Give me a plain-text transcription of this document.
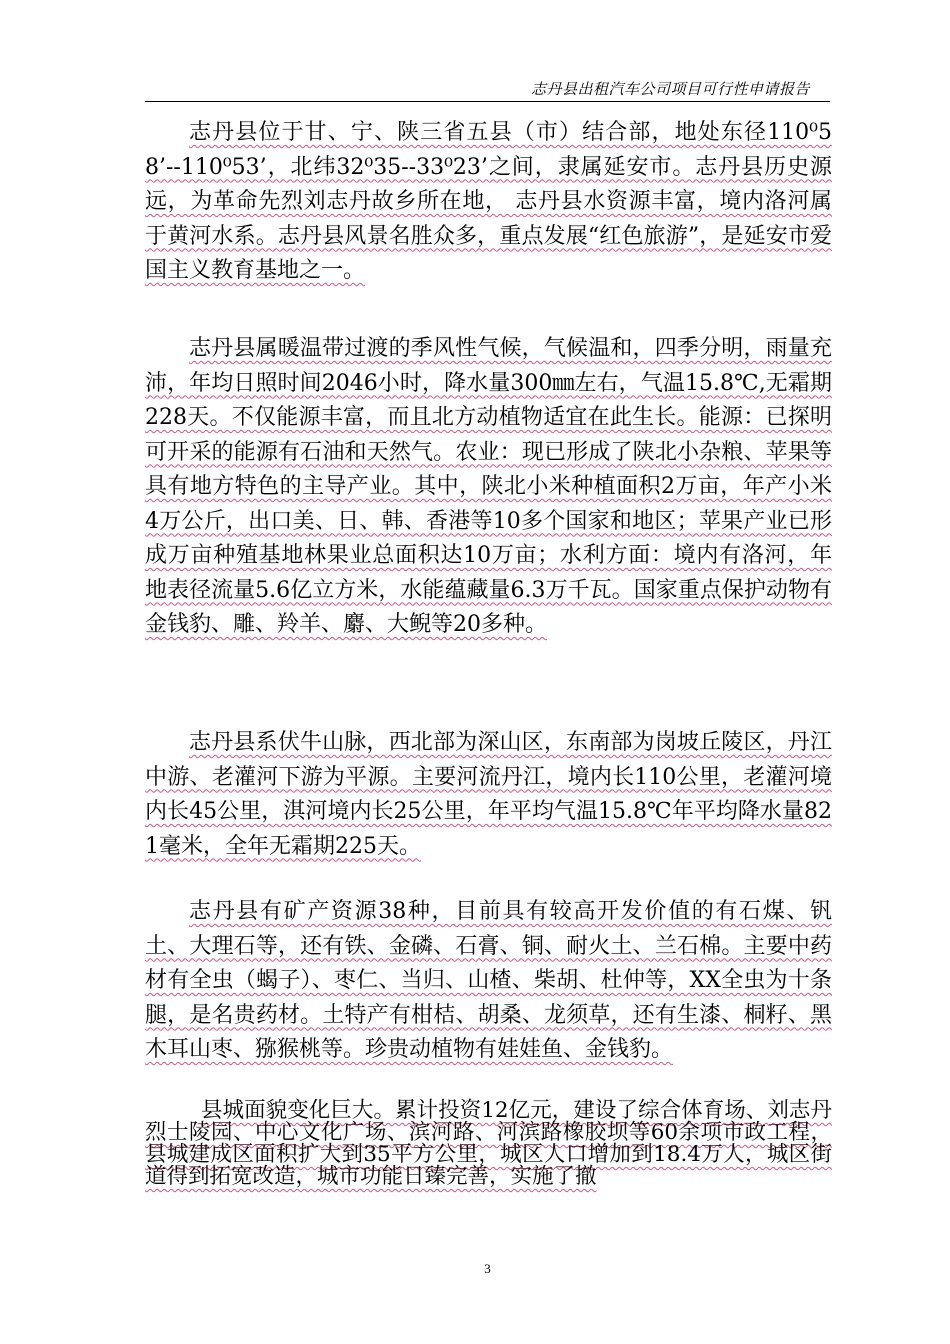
志丹县出租汽车公司项目可行性申请报告

志丹县位于甘、宁、陕三省五县（市）结合部，地处东径110⁰58’--110⁰53’，北纬32⁰35--33⁰23’之间，隶属延安市。志丹县历史源远，为革命先烈刘志丹故乡所在地， 志丹县水资源丰富，境内洛河属于黄河水系。志丹县风景名胜众多，重点发展“红色旅游”，是延安市爱国主义教育基地之一。

志丹县属暖温带过渡的季风性气候，气候温和，四季分明，雨量充沛，年均日照时间2046小时，降水量300㎜左右，气温15.8℃,无霜期228天。不仅能源丰富，而且北方动植物适宜在此生长。能源：已探明可开采的能源有石油和天然气。农业：现已形成了陕北小杂粮、苹果等具有地方特色的主导产业。其中，陕北小米种植面积2万亩，年产小米4万公斤，出口美、日、韩、香港等10多个国家和地区；苹果产业已形成万亩种殖基地林果业总面积达10万亩；水利方面：境内有洛河，年地表径流量5.6亿立方米，水能蕴藏量6.3万千瓦。国家重点保护动物有金钱豹、雕、羚羊、麝、大鲵等20多种。

志丹县系伏牛山脉，西北部为深山区，东南部为岗坡丘陵区，丹江中游、老灌河下游为平源。主要河流丹江，境内长110公里，老灌河境内长45公里，淇河境内长25公里，年平均气温15.8℃年平均降水量821毫米，全年无霜期225天。

志丹县有矿产资源38种，目前具有较高开发价值的有石煤、钒土、大理石等，还有铁、金磷、石膏、铜、耐火土、兰石棉。主要中药材有全虫（蝎子）、枣仁、当归、山楂、柴胡、杜仲等，XX全虫为十条腿，是名贵药材。土特产有柑桔、胡桑、龙须草，还有生漆、桐籽、黑木耳山枣、猕猴桃等。珍贵动植物有娃娃鱼、金钱豹。

县城面貌变化巨大。累计投资12亿元，建设了综合体育场、刘志丹烈士陵园、中心文化广场、滨河路、河滨路橡胶坝等60余项市政工程，县城建成区面积扩大到35平方公里，城区人口增加到18.4万人，城区街道得到拓宽改造，城市功能日臻完善，实施了撤

3
